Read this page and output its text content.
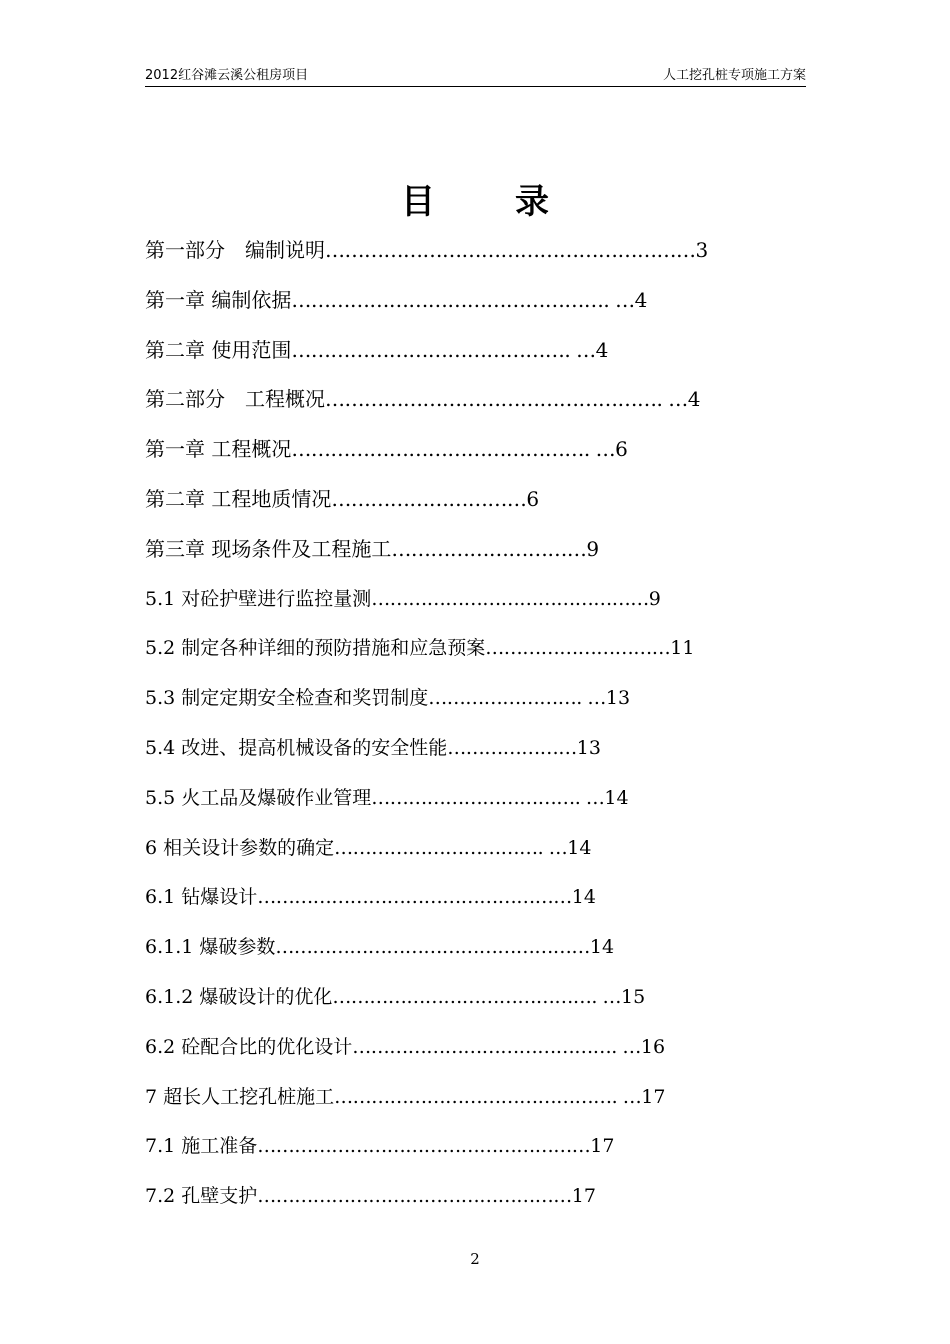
2012红谷滩云溪公租房项目	人工挖孔桩专项施工方案
目录
第一部分　编制说明…………………………………………………3
第一章 编制依据…………………………………………. …4
第二章 使用范围……………………………………. …4
第二部分　工程概况……………………………………………. …4
第一章 工程概况………………………………………. …6
第二章 工程地质情况…………………………6
第三章 现场条件及工程施工…………………………9
5.1 对砼护壁进行监控量测………………………………………9
5.2 制定各种详细的预防措施和应急预案…………………………11
5.3 制定定期安全检查和奖罚制度……………………. …13
5.4 改进、提高机械设备的安全性能…………………13
5.5 火工品及爆破作业管理……………………………. …14
6 相关设计参数的确定……………………………. …14
6.1 钻爆设计……………………………………………14
6.1.1 爆破参数……………………………………………14
6.1.2 爆破设计的优化……………………………………. …15
6.2 砼配合比的优化设计……………………………………. …16
7 超长人工挖孔桩施工………………………………………. …17
7.1 施工准备………………………………………………17
7.2 孔壁支护……………………………………………17
2
